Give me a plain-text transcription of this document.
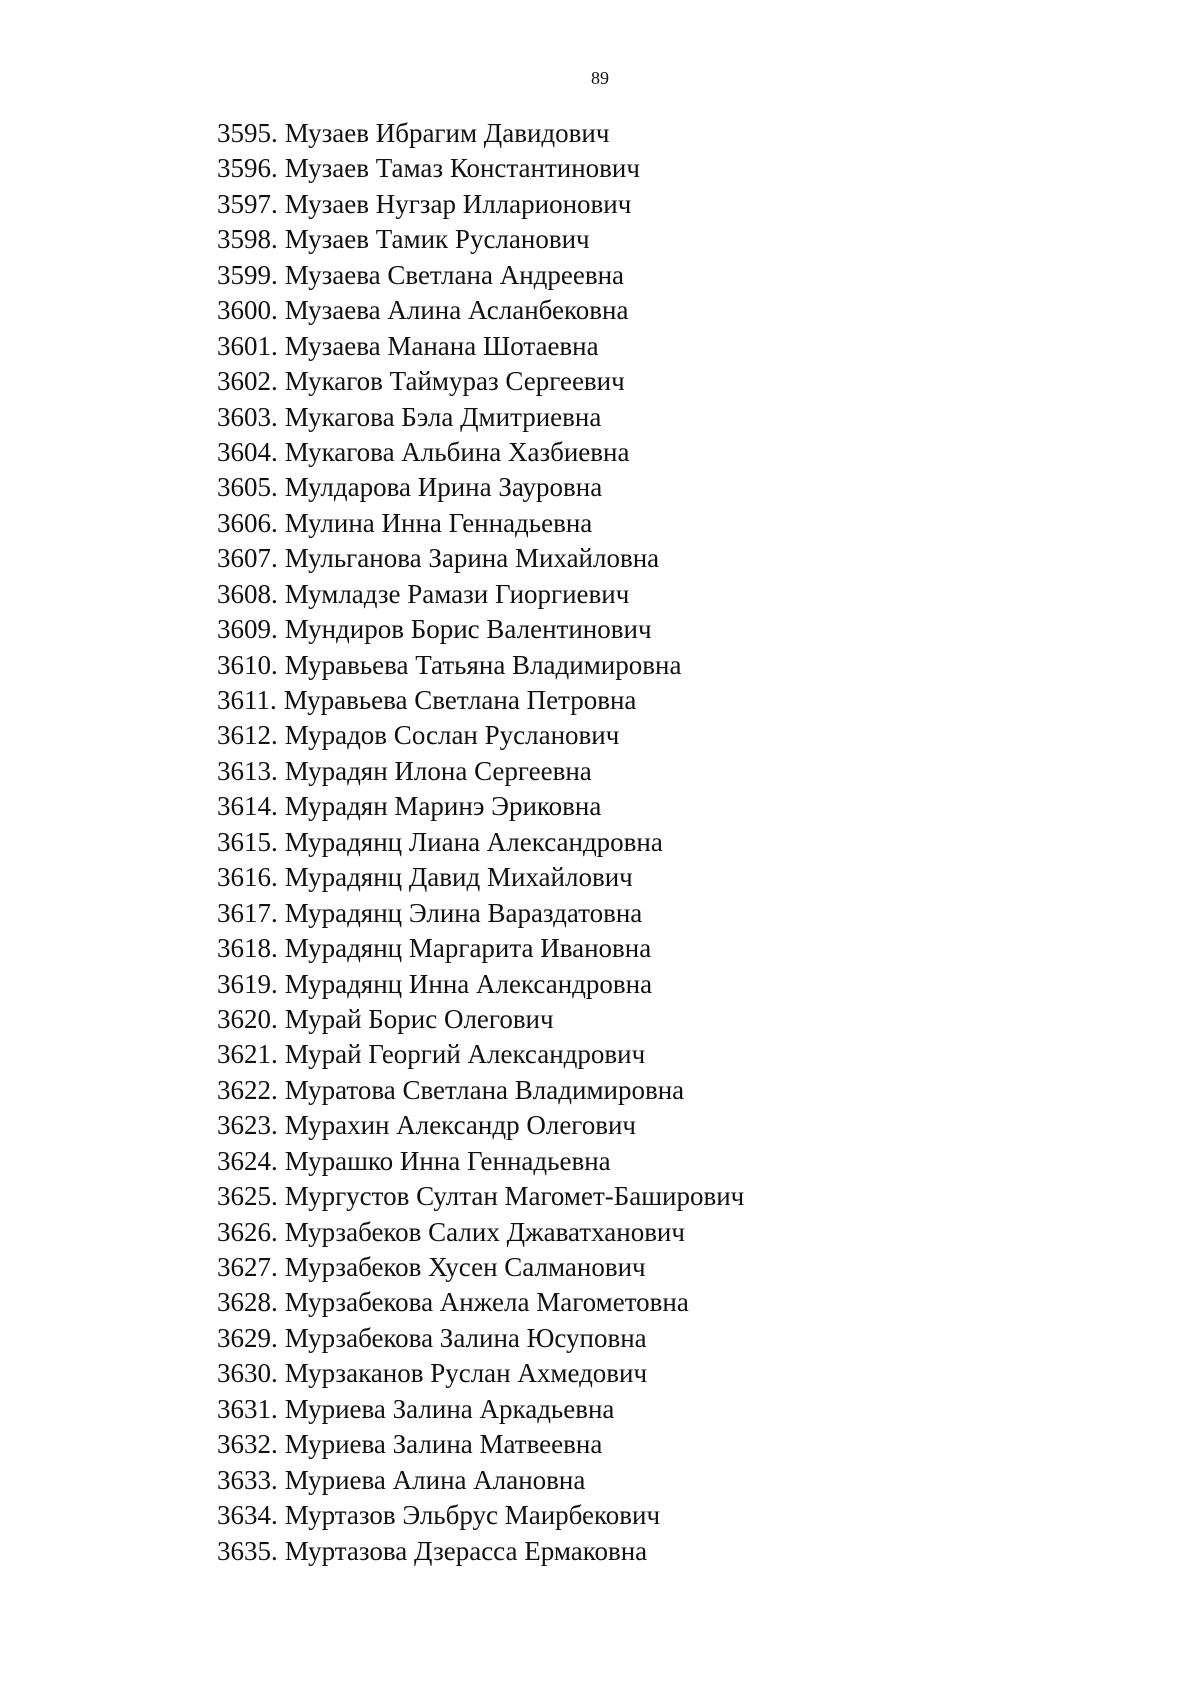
89
3595. Музаев Ибрагим Давидович
3596. Музаев Тамаз Константинович
3597. Музаев Нугзар Илларионович
3598. Музаев Тамик Русланович
3599. Музаева Светлана Андреевна
3600. Музаева Алина Асланбековна
3601. Музаева Манана Шотаевна
3602. Мукагов Таймураз Сергеевич
3603. Мукагова Бэла Дмитриевна
3604. Мукагова Альбина Хазбиевна
3605. Мулдарова Ирина Зауровна
3606. Мулина Инна Геннадьевна
3607. Мульганова Зарина Михайловна
3608. Мумладзе Рамази Гиоргиевич
3609. Мундиров Борис Валентинович
3610. Муравьева Татьяна Владимировна
3611. Муравьева Светлана Петровна
3612. Мурадов Сослан Русланович
3613. Мурадян Илона Сергеевна
3614. Мурадян Маринэ Эриковна
3615. Мурадянц Лиана Александровна
3616. Мурадянц Давид Михайлович
3617. Мурадянц Элина Вараздатовна
3618. Мурадянц Маргарита Ивановна
3619. Мурадянц Инна Александровна
3620. Мурай Борис Олегович
3621. Мурай Георгий Александрович
3622. Муратова Светлана Владимировна
3623. Мурахин Александр Олегович
3624. Мурашко Инна Геннадьевна
3625. Мургустов Султан Магомет-Баширович
3626. Мурзабеков Салих Джаватханович
3627. Мурзабеков Хусен Салманович
3628. Мурзабекова Анжела Магометовна
3629. Мурзабекова Залина Юсуповна
3630. Мурзаканов Руслан Ахмедович
3631. Муриева Залина Аркадьевна
3632. Муриева Залина Матвеевна
3633. Муриева Алина Алановна
3634. Муртазов Эльбрус Маирбекович
3635. Муртазова Дзерасса Ермаковна
